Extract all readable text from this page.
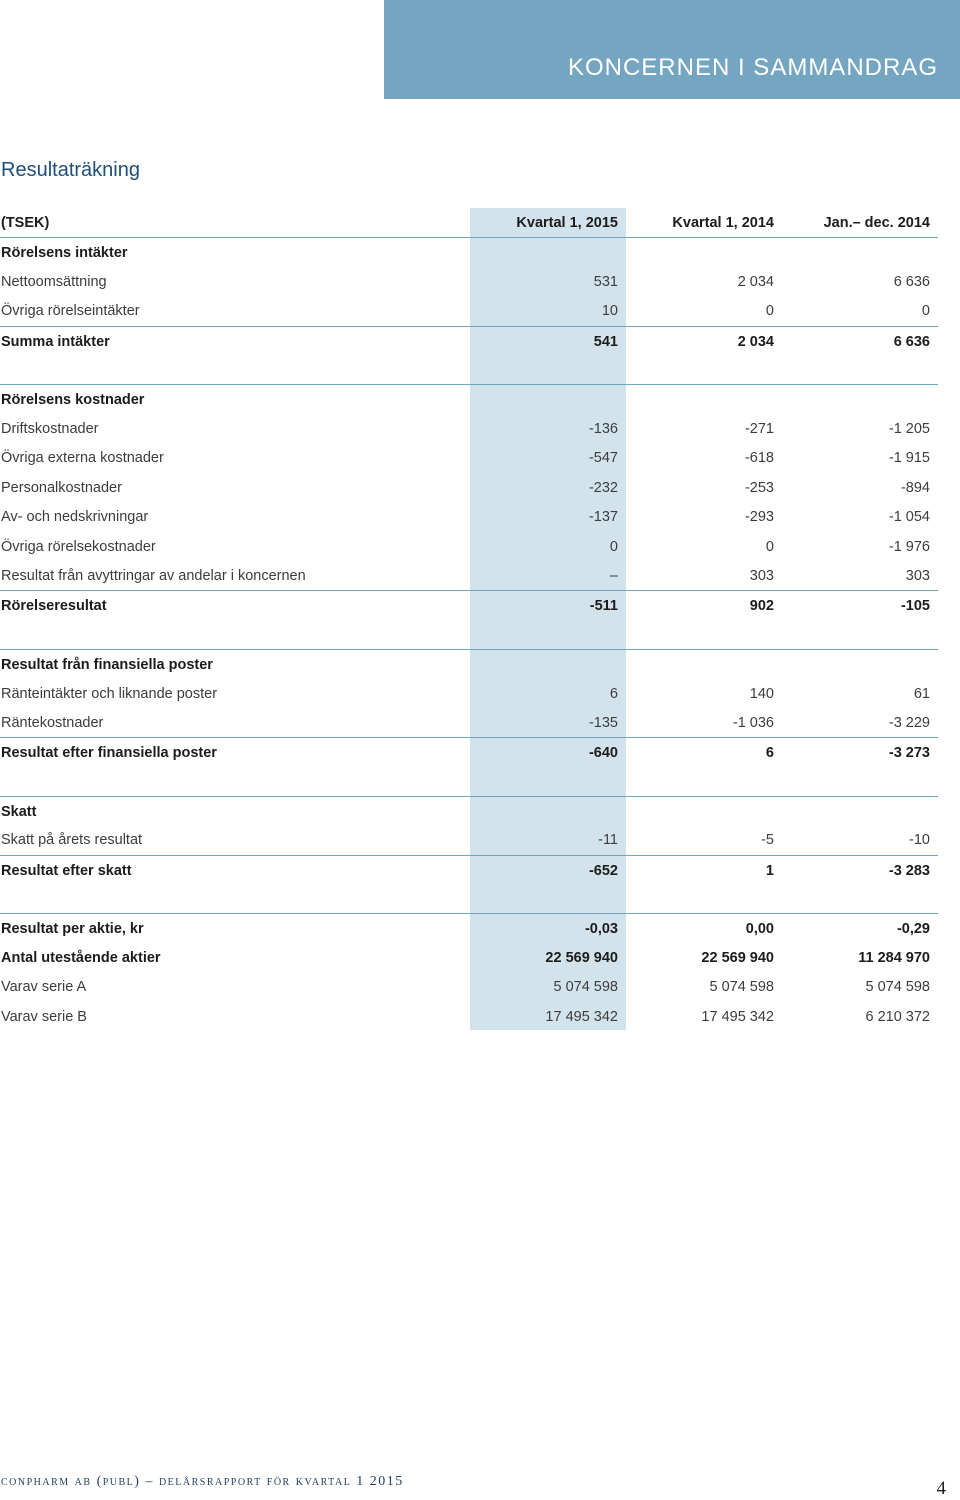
KONCERNEN I SAMMANDRAG
Resultaträkning
(TSEK)	Kvartal 1, 2015	Kvartal 1, 2014	Jan.– dec. 2014
Rörelsens intäkter
Nettoomsättning	531	2 034	6 636
Övriga rörelseintäkter	10	0	0
Summa intäkter	541	2 034	6 636
Rörelsens kostnader
Driftskostnader	-136	-271	-1 205
Övriga externa kostnader	-547	-618	-1 915
Personalkostnader	-232	-253	-894
Av- och nedskrivningar	-137	-293	-1 054
Övriga rörelsekostnader	0	0	-1 976
Resultat från avyttringar av andelar i koncernen	–	303	303
Rörelseresultat	-511	902	-105
Resultat från finansiella poster
Ränteintäkter och liknande poster	6	140	61
Räntekostnader	-135	-1 036	-3 229
Resultat efter finansiella poster	-640	6	-3 273
Skatt
Skatt på årets resultat	-11	-5	-10
Resultat efter skatt	-652	1	-3 283
Resultat per aktie, kr	-0,03	0,00	-0,29
Antal utestående aktier	22 569 940	22 569 940	11 284 970
Varav serie A	5 074 598	5 074 598	5 074 598
Varav serie B	17 495 342	17 495 342	6 210 372
conpharm ab (publ) – delårsrapport för kvartal 1 2015	4
